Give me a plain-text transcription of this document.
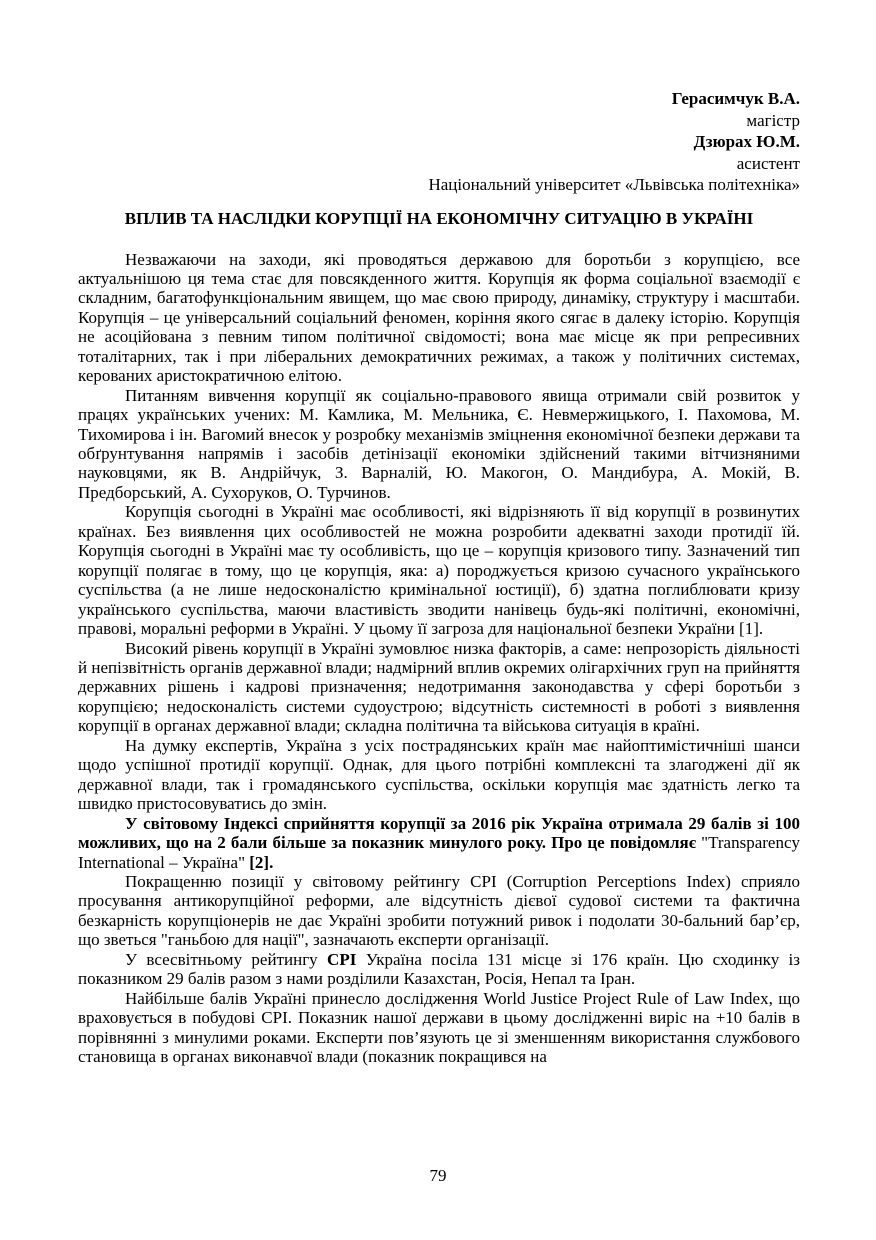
Герасимчук В.А.
магістр
Дзюрах Ю.М.
асистент
Національний університет «Львівська політехніка»
ВПЛИВ ТА НАСЛІДКИ КОРУПЦІЇ НА ЕКОНОМІЧНУ СИТУАЦІЮ В УКРАЇНІ

Незважаючи на заходи, які проводяться державою для боротьби з корупцією, все актуальнішою ця тема стає для повсякденного життя. Корупція як форма соціальної взаємодії є складним, багатофункціональним явищем, що має свою природу, динаміку, структуру і масштаби. Корупція – це універсальний соціальний феномен, коріння якого сягає в далеку історію. Корупція не асоційована з певним типом політичної свідомості; вона має місце як при репресивних тоталітарних, так і при ліберальних демократичних режимах, а також у політичних системах, керованих аристократичною елітою.

Питанням вивчення корупції як соціально-правового явища отримали свій розвиток у працях українських учених: М. Камлика, М. Мельника, Є. Невмержицького, І. Пахомова, М. Тихомирова і ін. Вагомий внесок у розробку механізмів зміцнення економічної безпеки держави та обґрунтування напрямів і засобів детінізації економіки здійснений такими вітчизняними науковцями, як В. Андрійчук, З. Варналій, Ю. Макогон, О. Мандибура, А. Мокій, В. Предборський, А. Сухоруков, О. Турчинов.

Корупція сьогодні в Україні має особливості, які відрізняють її від корупції в розвинутих країнах. Без виявлення цих особливостей не можна розробити адекватні заходи протидії їй. Корупція сьогодні в Україні має ту особливість, що це – корупція кризового типу. Зазначений тип корупції полягає в тому, що це корупція, яка: а) породжується кризою сучасного українського суспільства (а не лише недосконалістю кримінальної юстиції), б) здатна поглиблювати кризу українського суспільства, маючи властивість зводити нанівець будь-які політичні, економічні, правові, моральні реформи в Україні. У цьому її загроза для національної безпеки України [1].

Високий рівень корупції в Україні зумовлює низка факторів, а саме: непрозорість діяльності й непізвітність органів державної влади; надмірний вплив окремих олігархічних груп на прийняття державних рішень і кадрові призначення; недотримання законодавства у сфері боротьби з корупцією; недосконалість системи судоустрою; відсутність системності в роботі з виявлення корупції в органах державної влади; складна політична та військова ситуація в країні.

На думку експертів, Україна з усіх пострадянських країн має найоптимістичніші шанси щодо успішної протидії корупції. Однак, для цього потрібні комплексні та злагоджені дії як державної влади, так і громадянського суспільства, оскільки корупція має здатність легко та швидко пристосовуватись до змін.

У світовому Індексі сприйняття корупції за 2016 рік Україна отримала 29 балів зі 100 можливих, що на 2 бали більше за показник минулого року. Про це повідомляє "Transparency International – Україна" [2].

Покращенню позиції у світовому рейтингу CPI (Corruption Perceptions Index) сприяло просування антикорупційної реформи, але відсутність дієвої судової системи та фактична безкарність корупціонерів не дає Україні зробити потужний ривок і подолати 30-бальний бар’єр, що зветься "ганьбою для нації", зазначають експерти організації.

У всесвітньому рейтингу CPI Україна посіла 131 місце зі 176 країн. Цю сходинку із показником 29 балів разом з нами розділили Казахстан, Росія, Непал та Іран.

Найбільше балів Україні принесло дослідження World Justice Project Rule of Law Index, що враховується в побудові CPI. Показник нашої держави в цьому дослідженні виріс на +10 балів в порівнянні з минулими роками. Експерти пов’язують це зі зменшенням використання службового становища в органах виконавчої влади (показник покращився на

79
